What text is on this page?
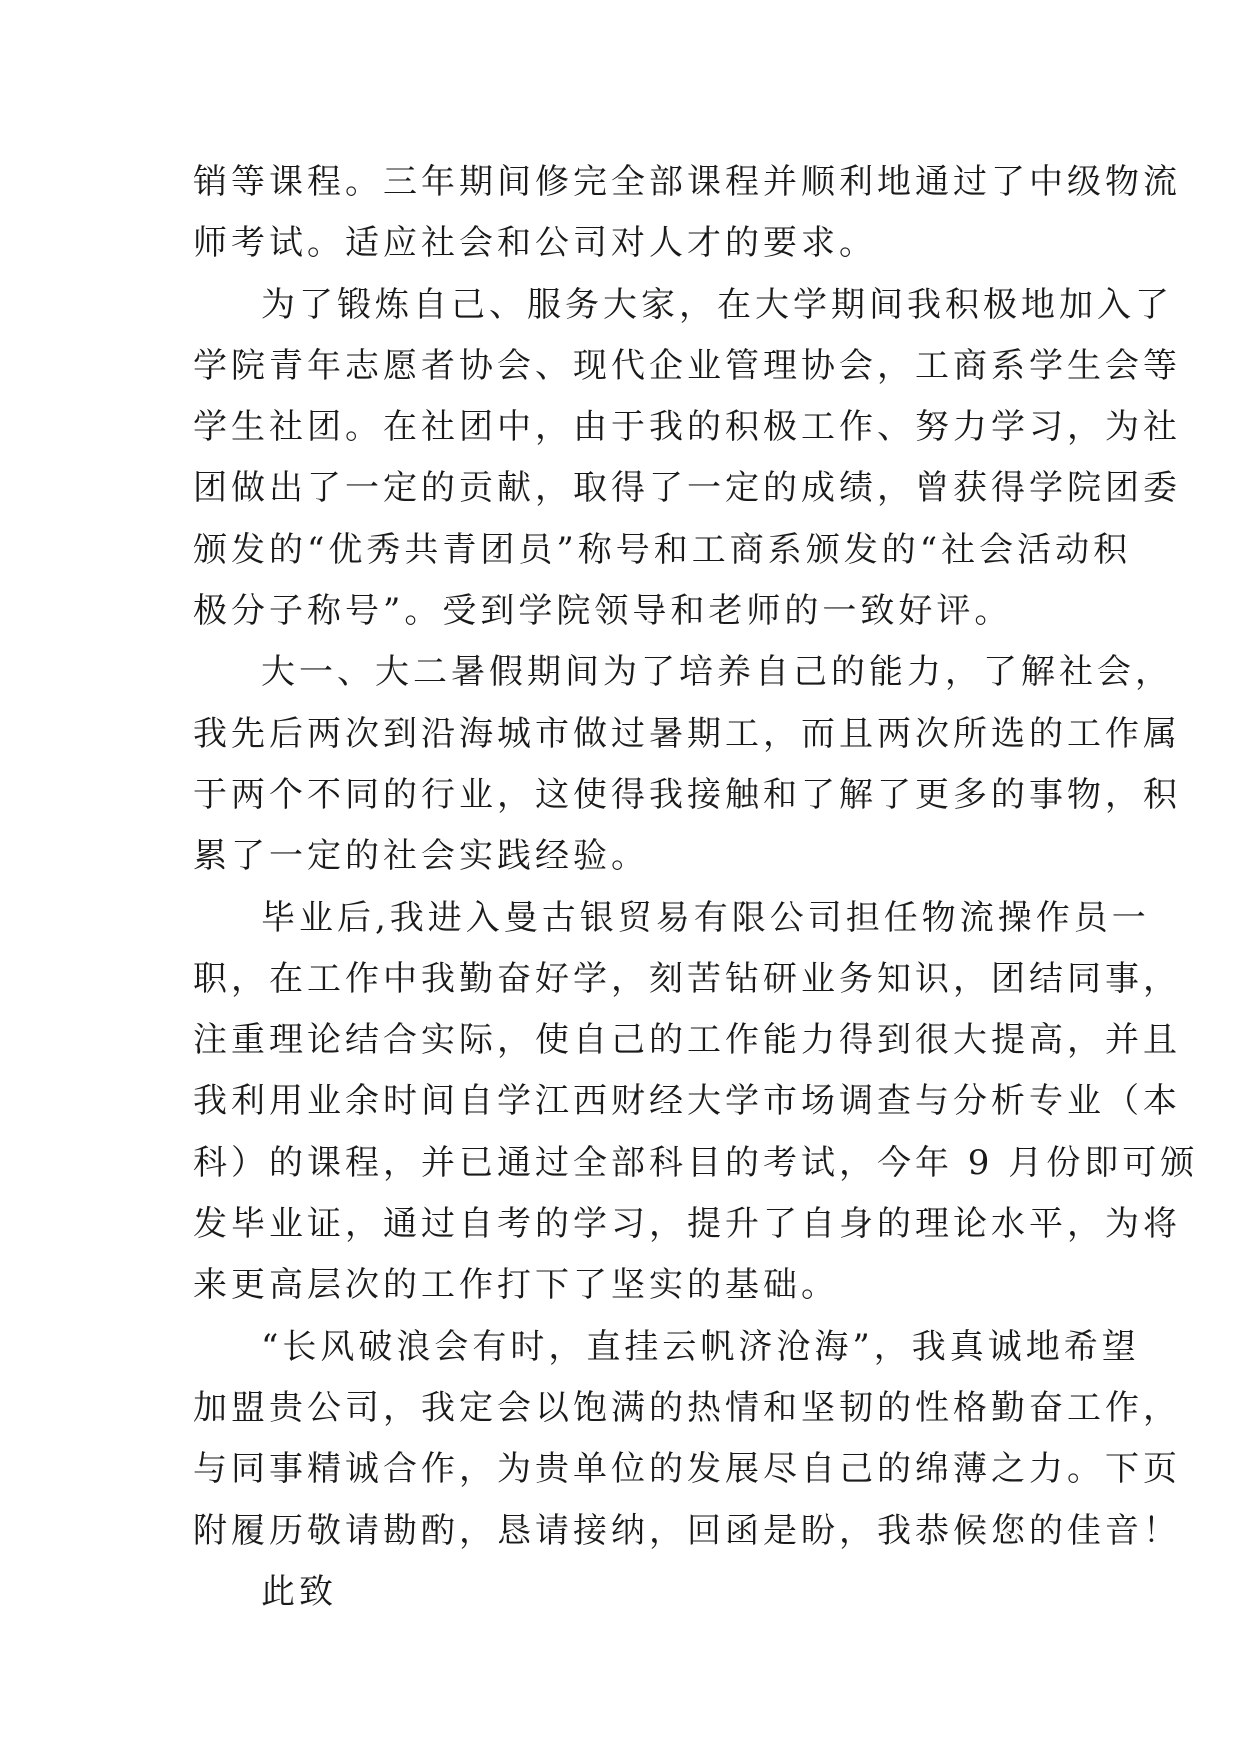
销等课程。三年期间修完全部课程并顺利地通过了中级物流
师考试。适应社会和公司对人才的要求。
为了锻炼自己、服务大家，在大学期间我积极地加入了
学院青年志愿者协会、现代企业管理协会，工商系学生会等
学生社团。在社团中，由于我的积极工作、努力学习，为社
团做出了一定的贡献，取得了一定的成绩，曾获得学院团委
颁发的“优秀共青团员”称号和工商系颁发的“社会活动积
极分子称号”。受到学院领导和老师的一致好评。
大一、大二暑假期间为了培养自己的能力，了解社会，
我先后两次到沿海城市做过暑期工，而且两次所选的工作属
于两个不同的行业，这使得我接触和了解了更多的事物，积
累了一定的社会实践经验。
毕业后,我进入曼古银贸易有限公司担任物流操作员一
职，在工作中我勤奋好学，刻苦钻研业务知识，团结同事，
注重理论结合实际，使自己的工作能力得到很大提高，并且
我利用业余时间自学江西财经大学市场调查与分析专业（本
科）的课程，并已通过全部科目的考试，今年 9 月份即可颁
发毕业证，通过自考的学习，提升了自身的理论水平，为将
来更高层次的工作打下了坚实的基础。
“长风破浪会有时，直挂云帆济沧海”，我真诚地希望
加盟贵公司，我定会以饱满的热情和坚韧的性格勤奋工作，
与同事精诚合作，为贵单位的发展尽自己的绵薄之力。下页
附履历敬请勘酌，恳请接纳，回函是盼，我恭候您的佳音！
此致
